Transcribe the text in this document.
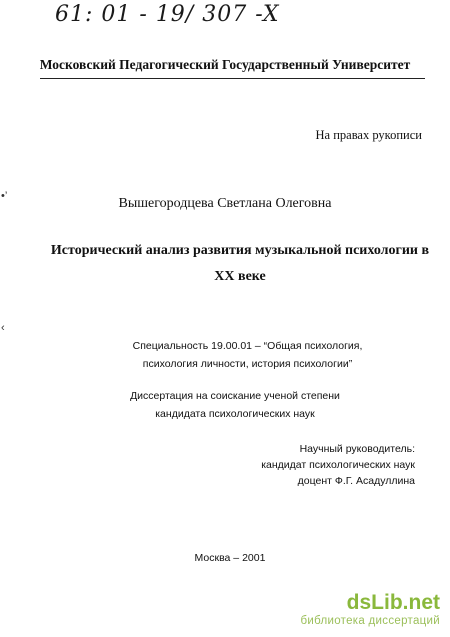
61: 01 - 19/ 307 -X
Московский Педагогический Государственный Университет
На правах рукописи
•’
‹
Вышегородцева Светлана Олеговна
Исторический анализ развития музыкальной психологии в
XX веке
Специальность 19.00.01 – “Общая психология,
психология личности, история психологии”
Диссертация на соискание ученой степени
кандидата психологических наук
Научный руководитель:
кандидат психологических наук
доцент Ф.Г. Асадуллина
Москва – 2001
dsLib.net
библиотека диссертаций
